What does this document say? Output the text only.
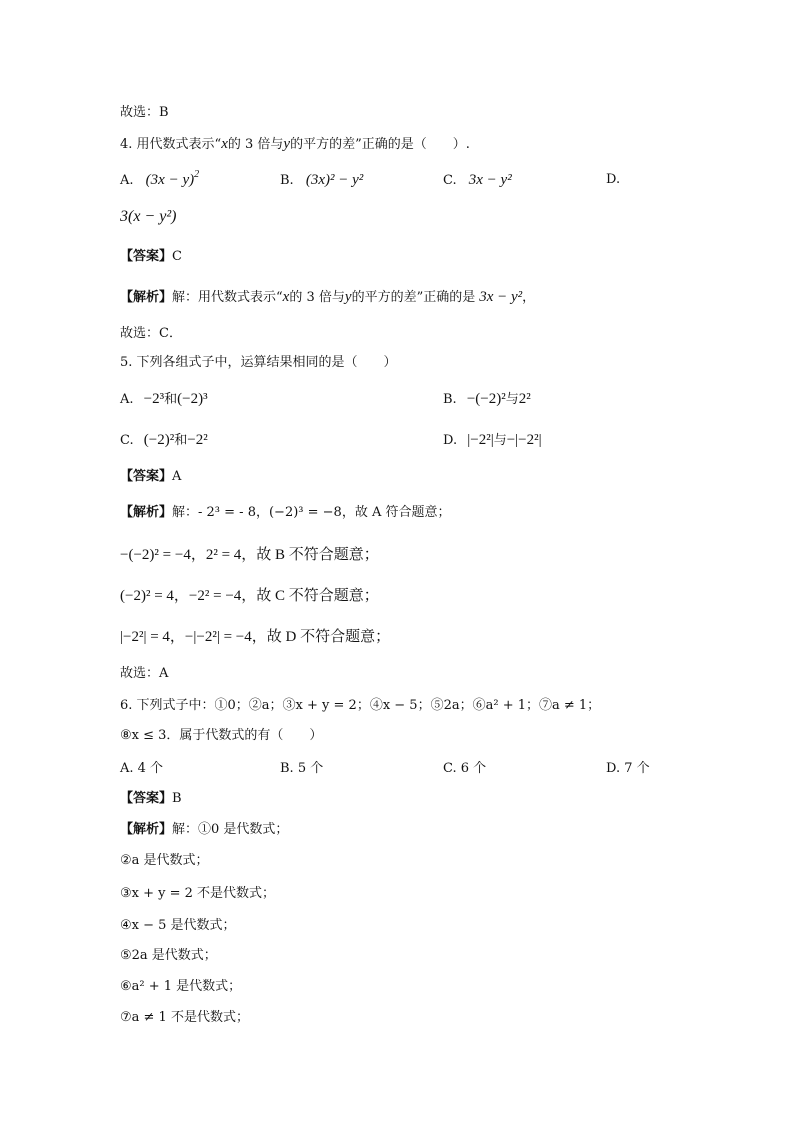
故选：B
4. 用代数式表示“x的 3 倍与y的平方的差”正确的是（　　）.
A. $(3x - y)^2$	B. (3x)² − y²	C. 3x − y²	D.
3(x − y²)
【答案】C
【解析】解：用代数式表示“x的 3 倍与y的平方的差”正确的是 3x − y²，
故选：C．
5. 下列各组式子中，运算结果相同的是（　　）
A. −2³和(−2)³	B. −(−2)²与2²
C. (−2)²和−2²	D. |−2²|与−|−2²|
【答案】A
【解析】解：- 2³ = - 8，(−2)³ = −8，故 A 符合题意；
−(−2)² = −4，2² = 4，故 B 不符合题意；
(−2)² = 4，−2² = −4，故 C 不符合题意；
|−2²| = 4，−|−2²| = −4，故 D 不符合题意；
故选：A
6. 下列式子中：①0；②a；③x + y = 2；④x − 5；⑤2a；⑥a² + 1；⑦a ≠ 1；
⑧x ≤ 3．属于代数式的有（　　）
A. 4 个	B. 5 个	C. 6 个	D. 7 个
【答案】B
【解析】解：①0 是代数式；
②a 是代数式；
③x + y = 2 不是代数式；
④x − 5 是代数式；
⑤2a 是代数式；
⑥a² + 1 是代数式；
⑦a ≠ 1 不是代数式；
